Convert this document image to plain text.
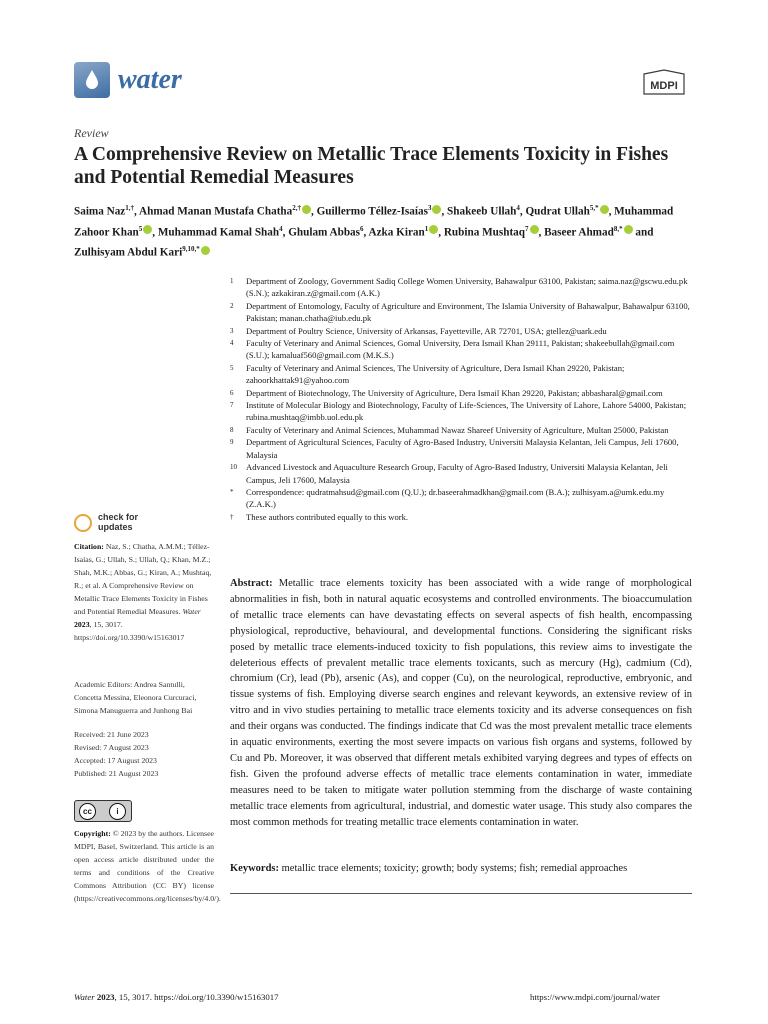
water	MDPI
Review
A Comprehensive Review on Metallic Trace Elements Toxicity in Fishes and Potential Remedial Measures
Saima Naz$^{1,\dagger}$, Ahmad Manan Mustafa Chatha$^{2,\dagger}$ , Guillermo Téllez-Isaías$^3$ , Shakeeb Ullah$^4$, Qudrat Ullah$^{5,*}$ , Muhammad Zahoor Khan$^5$ , Muhammad Kamal Shah$^4$, Ghulam Abbas$^6$, Azka Kiran$^1$ , Rubina Mushtaq$^7$ , Baseer Ahmad$^{8,*}$ and Zulhisyam Abdul Kari$^{9,10,*}$
1 Department of Zoology, Government Sadiq College Women University, Bahawalpur 63100, Pakistan; saima.naz@gscwu.edu.pk (S.N.); azkakiran.z@gmail.com (A.K.)
2 Department of Entomology, Faculty of Agriculture and Environment, The Islamia University of Bahawalpur, Bahawalpur 63100, Pakistan; manan.chatha@iub.edu.pk
3 Department of Poultry Science, University of Arkansas, Fayetteville, AR 72701, USA; gtellez@uark.edu
4 Faculty of Veterinary and Animal Sciences, Gomal University, Dera Ismail Khan 29111, Pakistan; shakeebullah@gmail.com (S.U.); kamaluaf560@gmail.com (M.K.S.)
5 Faculty of Veterinary and Animal Sciences, The University of Agriculture, Dera Ismail Khan 29220, Pakistan; zahoorkhattak91@yahoo.com
6 Department of Biotechnology, The University of Agriculture, Dera Ismail Khan 29220, Pakistan; abbasharal@gmail.com
7 Institute of Molecular Biology and Biotechnology, Faculty of Life-Sciences, The University of Lahore, Lahore 54000, Pakistan; rubina.mushtaq@imbb.uol.edu.pk
8 Faculty of Veterinary and Animal Sciences, Muhammad Nawaz Shareef University of Agriculture, Multan 25000, Pakistan
9 Department of Agricultural Sciences, Faculty of Agro-Based Industry, Universiti Malaysia Kelantan, Jeli Campus, Jeli 17600, Malaysia
10 Advanced Livestock and Aquaculture Research Group, Faculty of Agro-Based Industry, Universiti Malaysia Kelantan, Jeli Campus, Jeli 17600, Malaysia
* Correspondence: qudratmahsud@gmail.com (Q.U.); dr.baseerahmadkhan@gmail.com (B.A.); zulhisyam.a@umk.edu.my (Z.A.K.)
† These authors contributed equally to this work.
check for
updates
Citation: Naz, S.; Chatha, A.M.M.; Téllez-Isaías, G.; Ullah, S.; Ullah, Q.; Khan, M.Z.; Shah, M.K.; Abbas, G.; Kiran, A.; Mushtaq, R.; et al. A Comprehensive Review on Metallic Trace Elements Toxicity in Fishes and Potential Remedial Measures. Water 2023, 15, 3017. https://doi.org/10.3390/w15163017
Academic Editors: Andrea Santulli, Concetta Messina, Eleonora Curcuraci, Simona Manuguerra and Junhong Bai
Received: 21 June 2023
Revised: 7 August 2023
Accepted: 17 August 2023
Published: 21 August 2023
cc	i
Copyright: © 2023 by the authors. Licensee MDPI, Basel, Switzerland. This article is an open access article distributed under the terms and conditions of the Creative Commons Attribution (CC BY) license (https://creativecommons.org/licenses/by/4.0/).
Abstract: Metallic trace elements toxicity has been associated with a wide range of morphological abnormalities in fish, both in natural aquatic ecosystems and controlled environments. The bioaccumulation of metallic trace elements can have devastating effects on several aspects of fish health, encompassing physiological, reproductive, behavioural, and developmental functions. Considering the significant risks posed by metallic trace elements-induced toxicity to fish populations, this review aims to investigate the deleterious effects of prevalent metallic trace elements toxicants, such as mercury (Hg), cadmium (Cd), chromium (Cr), lead (Pb), arsenic (As), and copper (Cu), on the neurological, reproductive, embryonic, and tissue systems of fish. Employing diverse search engines and relevant keywords, an extensive review of in vitro and in vivo studies pertaining to metallic trace elements toxicity and its adverse consequences on fish and their organs was conducted. The findings indicate that Cd was the most prevalent metallic trace elements in aquatic environments, exerting the most severe impacts on various fish organs and systems, followed by Cu and Pb. Moreover, it was observed that different metals exhibited varying degrees and types of effects on fish. Given the profound adverse effects of metallic trace elements contamination in water, immediate measures need to be taken to mitigate water pollution stemming from the discharge of waste containing metallic trace elements from agricultural, industrial, and domestic water usage. This study also compares the most common methods for treating metallic trace elements contamination in water.
Keywords: metallic trace elements; toxicity; growth; body systems; fish; remedial approaches
Water 2023, 15, 3017. https://doi.org/10.3390/w15163017	https://www.mdpi.com/journal/water
